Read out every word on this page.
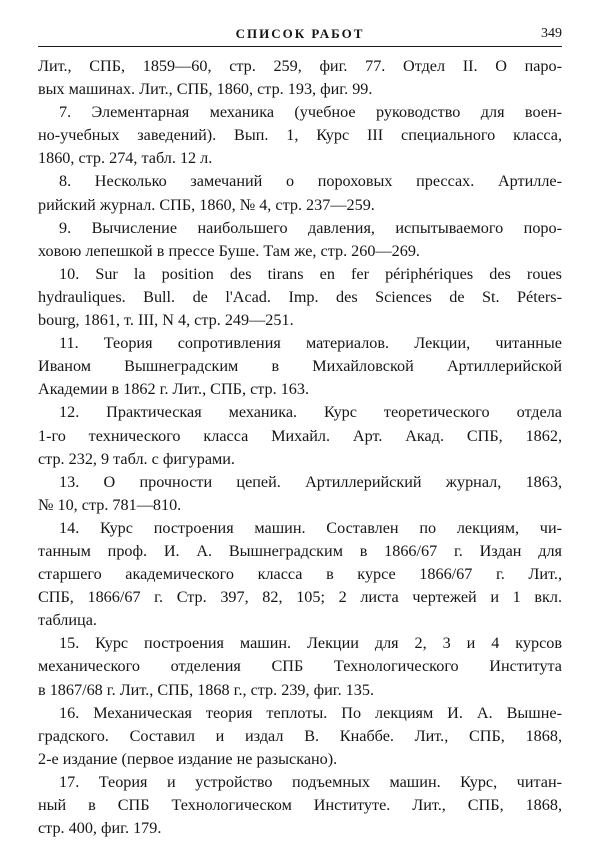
СПИСОК РАБОТ	349
Лит., СПБ, 1859—60, стр. 259, фиг. 77. Отдел II. О паро-
вых машинах. Лит., СПБ, 1860, стр. 193, фиг. 99.
7. Элементарная механика (учебное руководство для воен-
но-учебных заведений). Вып. 1, Курс III специального класса,
1860, стр. 274, табл. 12 л.
8. Несколько замечаний о пороховых прессах. Артилле-
рийский журнал. СПБ, 1860, № 4, стр. 237—259.
9. Вычисление наибольшего давления, испытываемого поро-
ховою лепешкой в прессе Буше. Там же, стр. 260—269.
10. Sur la position des tirans en fer périphériques des roues
hydrauliques. Bull. de l'Acad. Imp. des Sciences de St. Péters-
bourg, 1861, т. III, N 4, стр. 249—251.
11. Теория сопротивления материалов. Лекции, читанные
Иваном Вышнеградским в Михайловской Артиллерийской
Академии в 1862 г. Лит., СПБ, стр. 163.
12. Практическая механика. Курс теоретического отдела
1-го технического класса Михайл. Арт. Акад. СПБ, 1862,
стр. 232, 9 табл. с фигурами.
13. О прочности цепей. Артиллерийский журнал, 1863,
№ 10, стр. 781—810.
14. Курс построения машин. Составлен по лекциям, чи-
танным проф. И. А. Вышнеградским в 1866/67 г. Издан для
старшего академического класса в курсе 1866/67 г. Лит.,
СПБ, 1866/67 г. Стр. 397, 82, 105; 2 листа чертежей и 1 вкл.
таблица.
15. Курс построения машин. Лекции для 2, 3 и 4 курсов
механического отделения СПБ Технологического Института
в 1867/68 г. Лит., СПБ, 1868 г., стр. 239, фиг. 135.
16. Механическая теория теплоты. По лекциям И. А. Вышне-
градского. Составил и издал В. Кнаббе. Лит., СПБ, 1868,
2-е издание (первое издание не разыскано).
17. Теория и устройство подъемных машин. Курс, читан-
ный в СПБ Технологическом Институте. Лит., СПБ, 1868,
стр. 400, фиг. 179.
